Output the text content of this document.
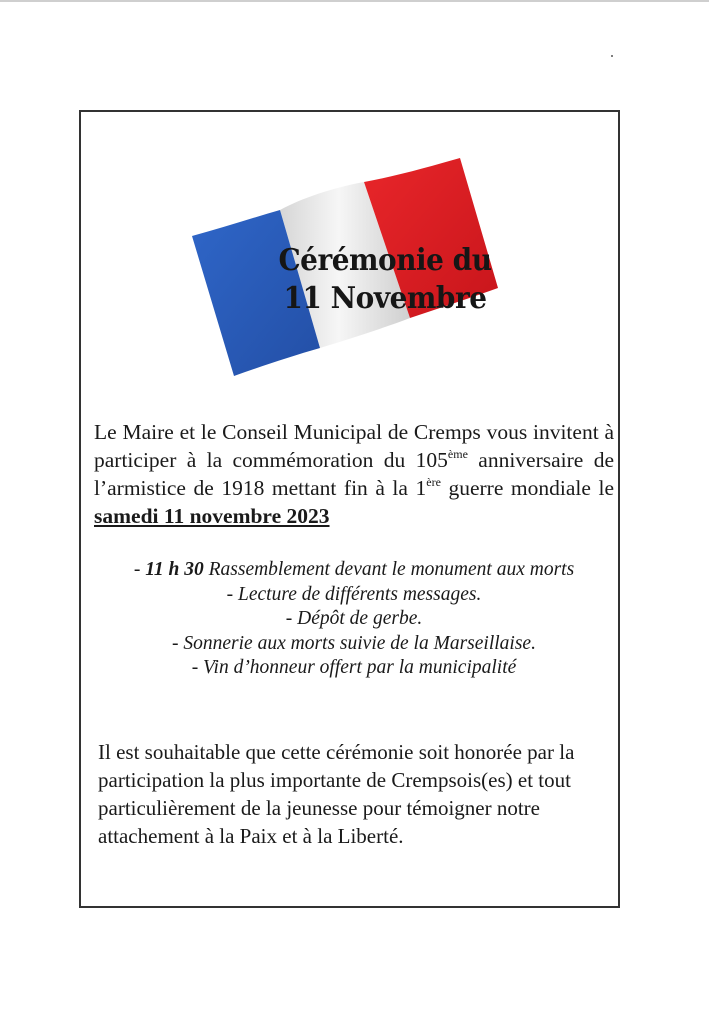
Cérémonie du
11 Novembre
Le Maire et le Conseil Municipal de Cremps vous invitent à participer à la commémoration du 105ème anniversaire de l’armistice de 1918 mettant fin à la 1ère guerre mondiale le samedi 11 novembre 2023
- 11 h 30 Rassemblement devant le monument aux morts
- Lecture de différents messages.
- Dépôt de gerbe.
- Sonnerie aux morts suivie de la Marseillaise.
- Vin d’honneur offert par la municipalité
Il est souhaitable que cette cérémonie soit honorée par la participation la plus importante de Crempsois(es) et tout particulièrement de la jeunesse pour témoigner notre attachement à la Paix et à la Liberté.
